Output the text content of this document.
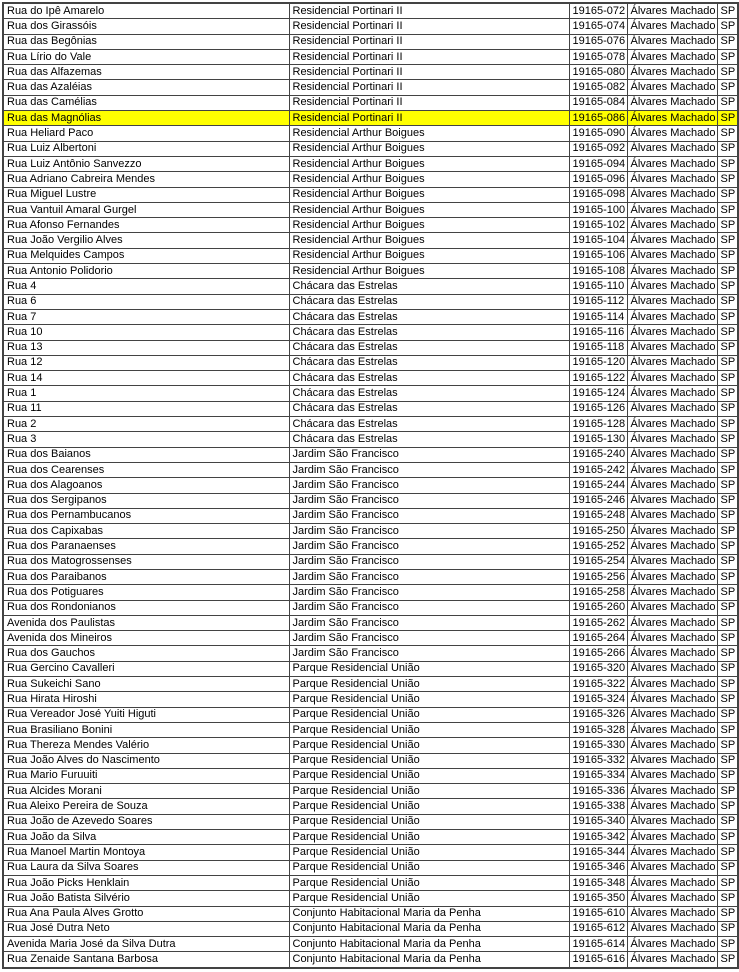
Rua do Ipê Amarelo	Residencial Portinari II	19165-072	Álvares Machado	SP
Rua dos Girassóis	Residencial Portinari II	19165-074	Álvares Machado	SP
Rua das Begônias	Residencial Portinari II	19165-076	Álvares Machado	SP
Rua Lírio do Vale	Residencial Portinari II	19165-078	Álvares Machado	SP
Rua das Alfazemas	Residencial Portinari II	19165-080	Álvares Machado	SP
Rua das Azaléias	Residencial Portinari II	19165-082	Álvares Machado	SP
Rua das Camélias	Residencial Portinari II	19165-084	Álvares Machado	SP
Rua das Magnólias	Residencial Portinari II	19165-086	Álvares Machado	SP
Rua Heliard Paco	Residencial Arthur Boigues	19165-090	Álvares Machado	SP
Rua Luiz Albertoni	Residencial Arthur Boigues	19165-092	Álvares Machado	SP
Rua Luiz Antônio Sanvezzo	Residencial Arthur Boigues	19165-094	Álvares Machado	SP
Rua Adriano Cabreira Mendes	Residencial Arthur Boigues	19165-096	Álvares Machado	SP
Rua Miguel Lustre	Residencial Arthur Boigues	19165-098	Álvares Machado	SP
Rua Vantuil Amaral Gurgel	Residencial Arthur Boigues	19165-100	Álvares Machado	SP
Rua Afonso Fernandes	Residencial Arthur Boigues	19165-102	Álvares Machado	SP
Rua João Vergilio Alves	Residencial Arthur Boigues	19165-104	Álvares Machado	SP
Rua Melquides Campos	Residencial Arthur Boigues	19165-106	Álvares Machado	SP
Rua Antonio Polidorio	Residencial Arthur Boigues	19165-108	Álvares Machado	SP
Rua 4	Chácara das Estrelas	19165-110	Álvares Machado	SP
Rua 6	Chácara das Estrelas	19165-112	Álvares Machado	SP
Rua 7	Chácara das Estrelas	19165-114	Álvares Machado	SP
Rua 10	Chácara das Estrelas	19165-116	Álvares Machado	SP
Rua 13	Chácara das Estrelas	19165-118	Álvares Machado	SP
Rua 12	Chácara das Estrelas	19165-120	Álvares Machado	SP
Rua 14	Chácara das Estrelas	19165-122	Álvares Machado	SP
Rua 1	Chácara das Estrelas	19165-124	Álvares Machado	SP
Rua 11	Chácara das Estrelas	19165-126	Álvares Machado	SP
Rua 2	Chácara das Estrelas	19165-128	Álvares Machado	SP
Rua 3	Chácara das Estrelas	19165-130	Álvares Machado	SP
Rua dos Baianos	Jardim São Francisco	19165-240	Álvares Machado	SP
Rua dos Cearenses	Jardim São Francisco	19165-242	Álvares Machado	SP
Rua dos Alagoanos	Jardim São Francisco	19165-244	Álvares Machado	SP
Rua dos Sergipanos	Jardim São Francisco	19165-246	Álvares Machado	SP
Rua dos Pernambucanos	Jardim São Francisco	19165-248	Álvares Machado	SP
Rua dos Capixabas	Jardim São Francisco	19165-250	Álvares Machado	SP
Rua dos Paranaenses	Jardim São Francisco	19165-252	Álvares Machado	SP
Rua dos Matogrossenses	Jardim São Francisco	19165-254	Álvares Machado	SP
Rua dos Paraibanos	Jardim São Francisco	19165-256	Álvares Machado	SP
Rua dos Potiguares	Jardim São Francisco	19165-258	Álvares Machado	SP
Rua dos Rondonianos	Jardim São Francisco	19165-260	Álvares Machado	SP
Avenida dos Paulistas	Jardim São Francisco	19165-262	Álvares Machado	SP
Avenida dos Mineiros	Jardim São Francisco	19165-264	Álvares Machado	SP
Rua dos Gauchos	Jardim São Francisco	19165-266	Álvares Machado	SP
Rua Gercino Cavalleri	Parque Residencial União	19165-320	Álvares Machado	SP
Rua Sukeichi Sano	Parque Residencial União	19165-322	Álvares Machado	SP
Rua Hirata Hiroshi	Parque Residencial União	19165-324	Álvares Machado	SP
Rua Vereador José Yuiti Higuti	Parque Residencial União	19165-326	Álvares Machado	SP
Rua Brasiliano Bonini	Parque Residencial União	19165-328	Álvares Machado	SP
Rua Thereza Mendes Valério	Parque Residencial União	19165-330	Álvares Machado	SP
Rua João Alves do Nascimento	Parque Residencial União	19165-332	Álvares Machado	SP
Rua Mario Furuuiti	Parque Residencial União	19165-334	Álvares Machado	SP
Rua Alcides Morani	Parque Residencial União	19165-336	Álvares Machado	SP
Rua Aleixo Pereira de Souza	Parque Residencial União	19165-338	Álvares Machado	SP
Rua João de Azevedo Soares	Parque Residencial União	19165-340	Álvares Machado	SP
Rua João da Silva	Parque Residencial União	19165-342	Álvares Machado	SP
Rua Manoel Martin Montoya	Parque Residencial União	19165-344	Álvares Machado	SP
Rua Laura da Silva Soares	Parque Residencial União	19165-346	Álvares Machado	SP
Rua João Picks Henklain	Parque Residencial União	19165-348	Álvares Machado	SP
Rua João Batista Silvério	Parque Residencial União	19165-350	Álvares Machado	SP
Rua Ana Paula Alves Grotto	Conjunto Habitacional Maria da Penha	19165-610	Álvares Machado	SP
Rua José Dutra Neto	Conjunto Habitacional Maria da Penha	19165-612	Álvares Machado	SP
Avenida Maria José da Silva Dutra	Conjunto Habitacional Maria da Penha	19165-614	Álvares Machado	SP
Rua Zenaide Santana Barbosa	Conjunto Habitacional Maria da Penha	19165-616	Álvares Machado	SP
